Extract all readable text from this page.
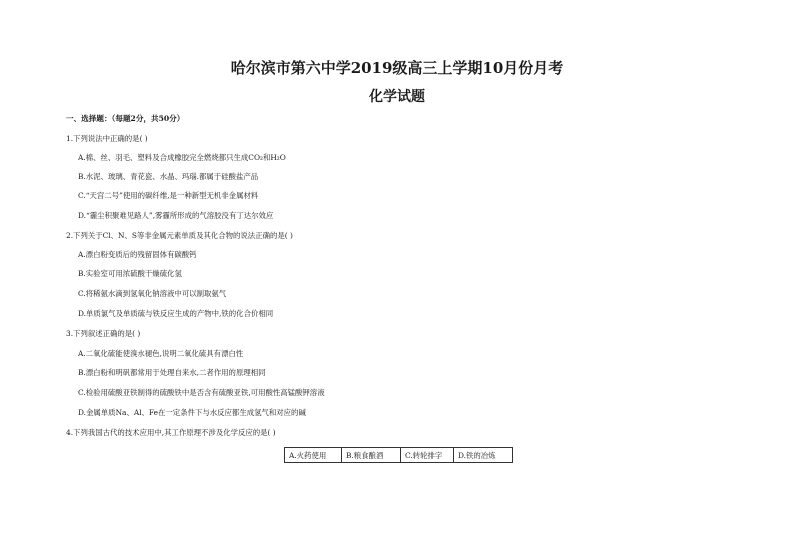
哈尔滨市第六中学2019级高三上学期10月份月考
化学试题
一、选择题：（每题2分，共50分）
1.下列说法中正确的是( )
A.棉、丝、羽毛、塑料及合成橡胶完全燃烧都只生成CO₂和H₂O
B.水泥、玻璃、青花瓷、水晶、玛瑙.都属于硅酸盐产品
C.“天宫二号”使用的碳纤维,是一种新型无机非金属材料
D.“霾尘积聚难见路人”,雾霾所形成的气溶胶没有丁达尔效应
2.下列关于Cl、N、S等非金属元素单质及其化合物的说法正确的是( )
A.漂白粉变质后的残留固体有碳酸钙
B.实验室可用浓硫酸干燥硫化氢
C.将稀氨水滴到氢氧化钠溶液中可以制取氨气
D.单质氯气及单质硫与铁反应生成的产物中,铁的化合价相同
3.下列叙述正确的是( )
A.二氧化硫能使溴水褪色,说明二氧化硫具有漂白性
B.漂白粉和明矾都常用于处理自来水,二者作用的原理相同
C.检验用硫酸亚铁制得的硫酸铁中是否含有硫酸亚铁,可用酸性高锰酸钾溶液
D.金属单质Na、Al、Fe在一定条件下与水反应都生成氢气和对应的碱
4.下列我国古代的技术应用中,其工作原理不涉及化学反应的是( )
A.火药使用	B.粮食酿酒	C.转轮排字	D.铁的冶炼
